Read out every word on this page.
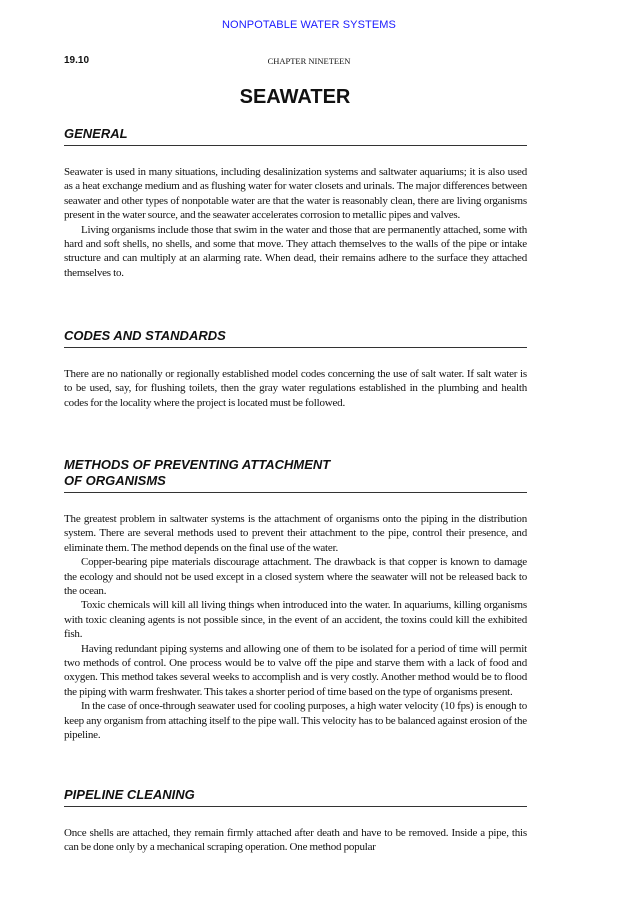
NONPOTABLE WATER SYSTEMS
19.10	CHAPTER NINETEEN
SEAWATER
GENERAL

Seawater is used in many situations, including desalinization systems and saltwater aquariums; it is also used as a heat exchange medium and as flushing water for water closets and urinals. The major differences between seawater and other types of nonpotable water are that the water is reasonably clean, there are living organisms present in the water source, and the seawater accelerates corrosion to metallic pipes and valves.

Living organisms include those that swim in the water and those that are permanently attached, some with hard and soft shells, no shells, and some that move. They attach themselves to the walls of the pipe or intake structure and can multiply at an alarming rate. When dead, their remains adhere to the surface they attached themselves to.

CODES AND STANDARDS

There are no nationally or regionally established model codes concerning the use of salt water. If salt water is to be used, say, for flushing toilets, then the gray water regulations established in the plumbing and health codes for the locality where the project is located must be followed.

METHODS OF PREVENTING ATTACHMENT
OF ORGANISMS

The greatest problem in saltwater systems is the attachment of organisms onto the piping in the distribution system. There are several methods used to prevent their attachment to the pipe, control their presence, and eliminate them. The method depends on the final use of the water.

Copper-bearing pipe materials discourage attachment. The drawback is that copper is known to damage the ecology and should not be used except in a closed system where the seawater will not be released back to the ocean.

Toxic chemicals will kill all living things when introduced into the water. In aquariums, killing organisms with toxic cleaning agents is not possible since, in the event of an accident, the toxins could kill the exhibited fish.

Having redundant piping systems and allowing one of them to be isolated for a period of time will permit two methods of control. One process would be to valve off the pipe and starve them with a lack of food and oxygen. This method takes several weeks to accomplish and is very costly. Another method would be to flood the piping with warm freshwater. This takes a shorter period of time based on the type of organisms present.

In the case of once-through seawater used for cooling purposes, a high water velocity (10 fps) is enough to keep any organism from attaching itself to the pipe wall. This velocity has to be balanced against erosion of the pipeline.

PIPELINE CLEANING

Once shells are attached, they remain firmly attached after death and have to be removed. Inside a pipe, this can be done only by a mechanical scraping operation. One method popular
